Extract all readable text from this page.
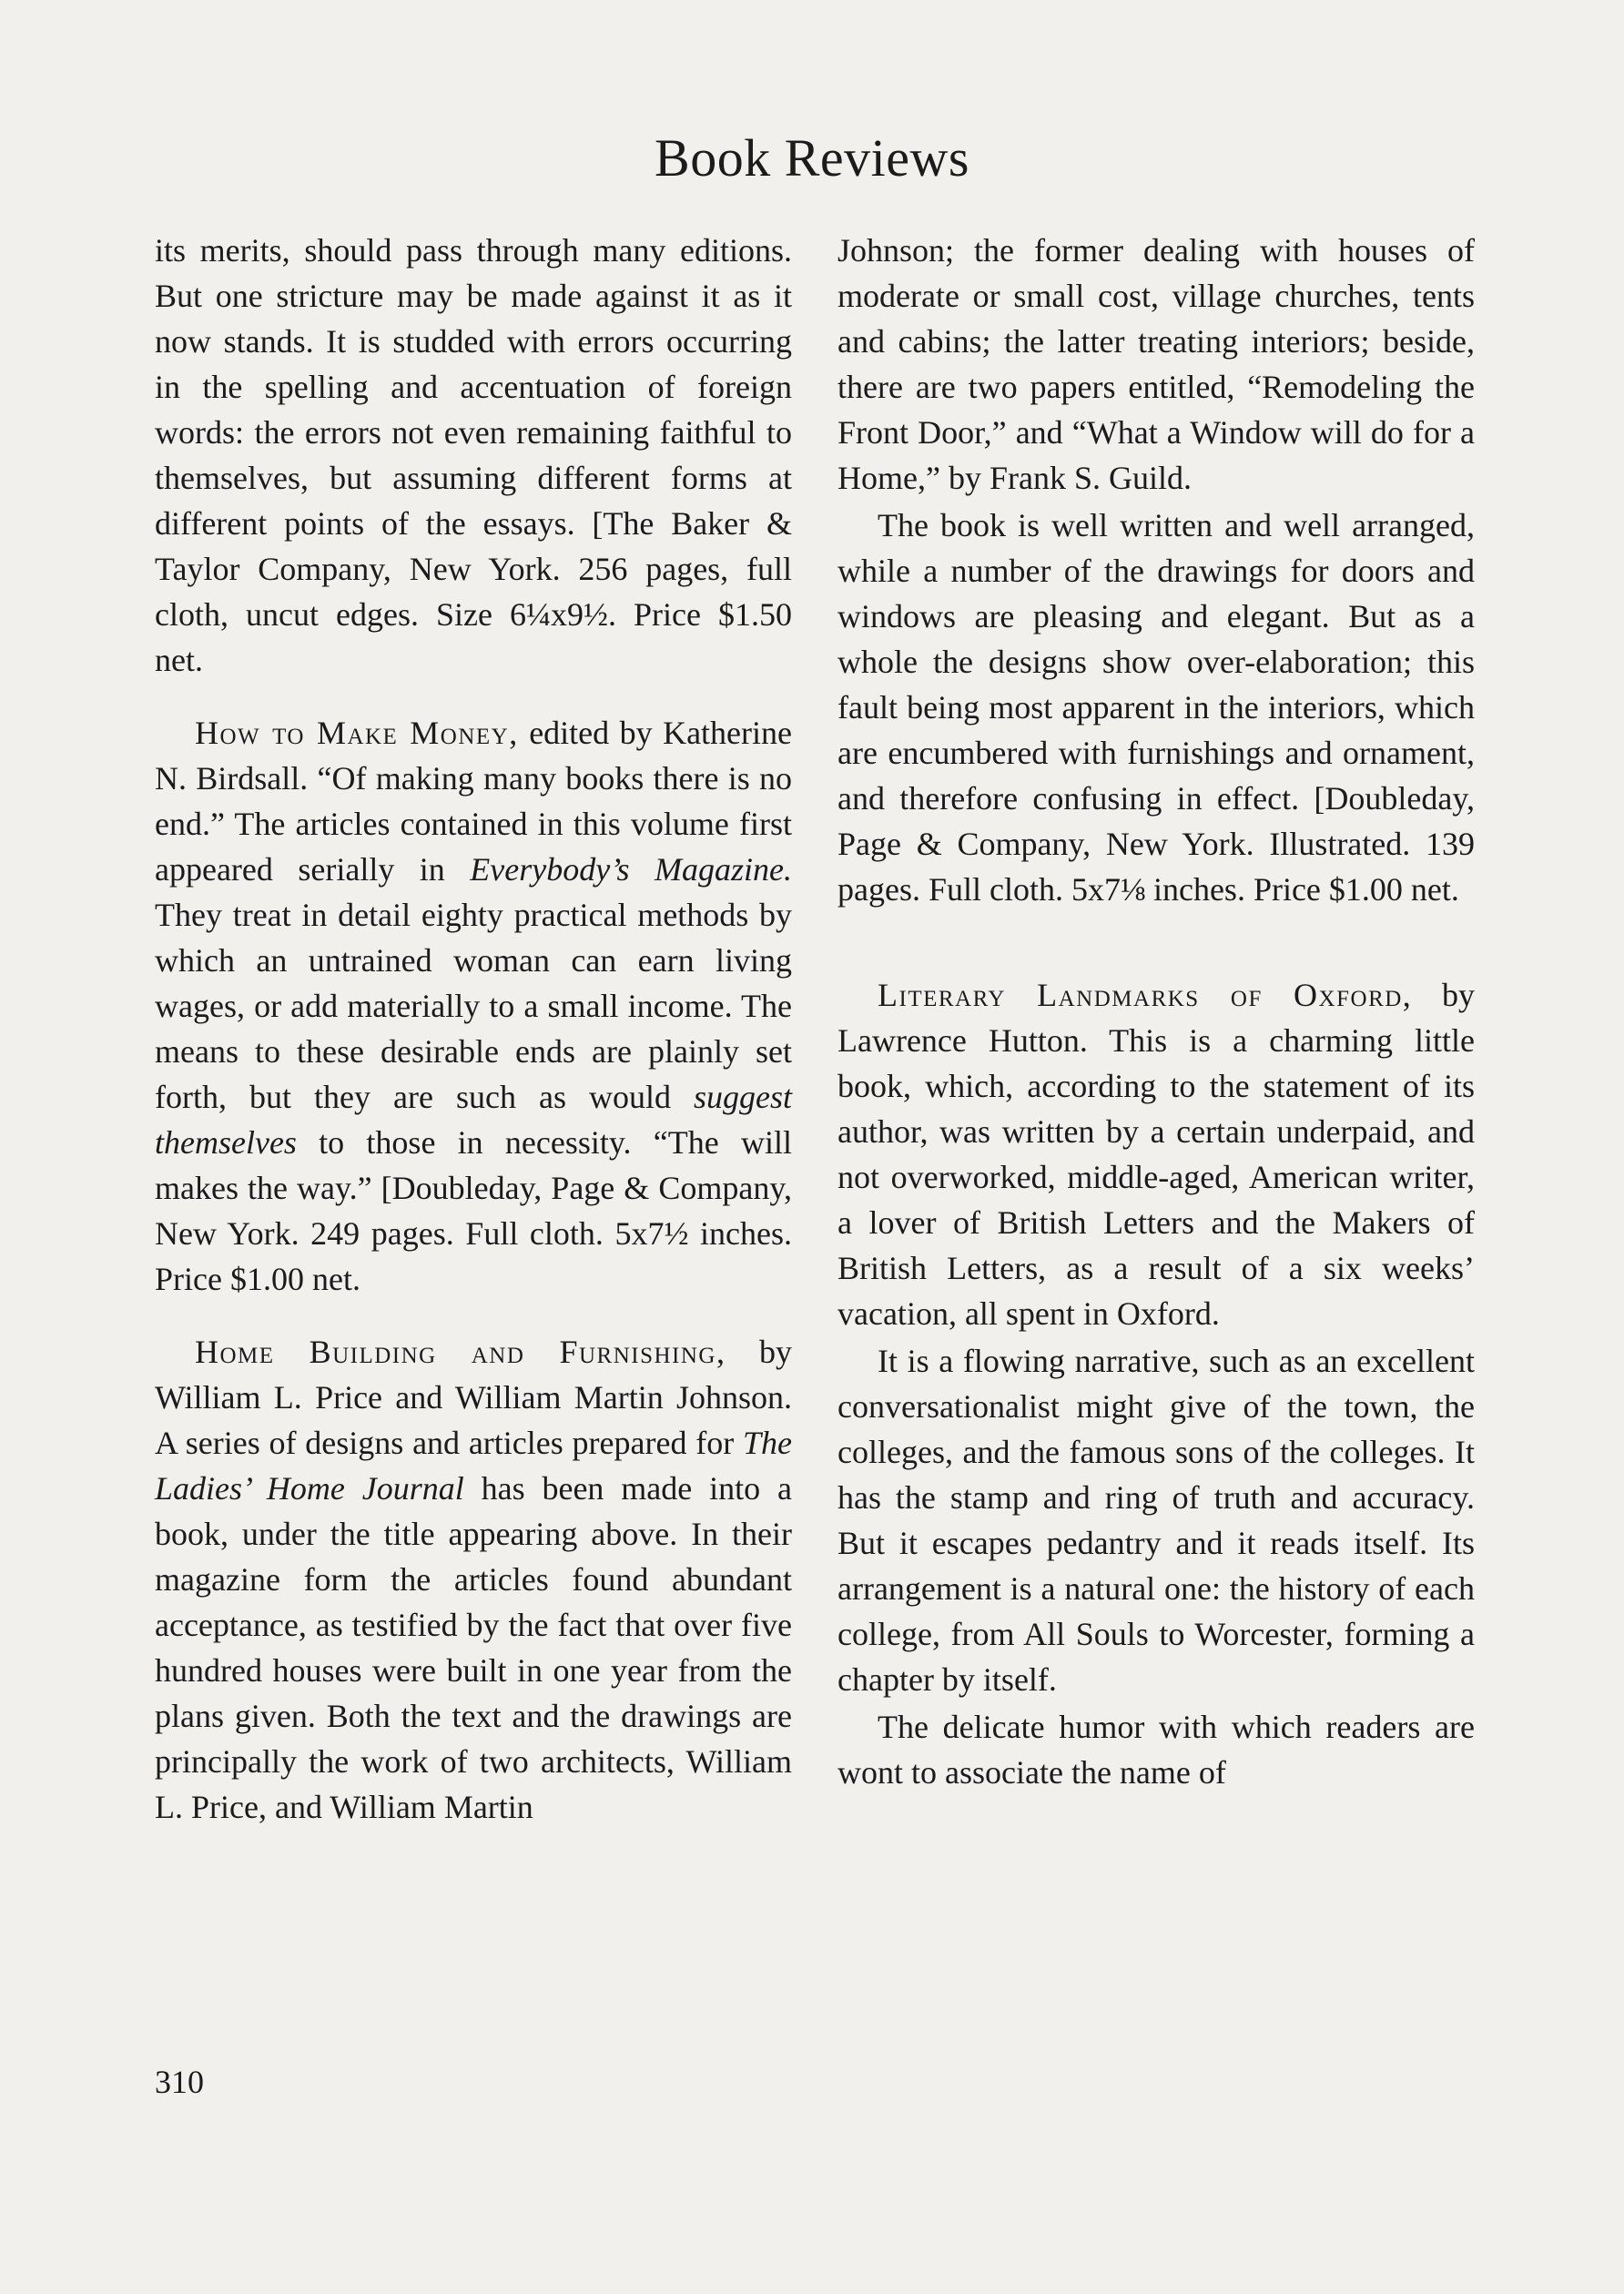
Book Reviews

its merits, should pass through many editions. But one stricture may be made against it as it now stands. It is studded with errors occurring in the spelling and accentuation of foreign words: the errors not even remaining faithful to themselves, but assuming different forms at different points of the essays. [The Baker & Taylor Company, New York. 256 pages, full cloth, uncut edges. Size 6¼x9½. Price $1.50 net.

How to Make Money, edited by Katherine N. Birdsall. “Of making many books there is no end.” The articles contained in this volume first appeared serially in Everybody’s Magazine. They treat in detail eighty practical methods by which an untrained woman can earn living wages, or add materially to a small income. The means to these desirable ends are plainly set forth, but they are such as would suggest themselves to those in necessity. “The will makes the way.” [Doubleday, Page & Company, New York. 249 pages. Full cloth. 5x7½ inches. Price $1.00 net.

Home Building and Furnishing, by William L. Price and William Martin Johnson. A series of designs and articles prepared for The Ladies’ Home Journal has been made into a book, under the title appearing above. In their magazine form the articles found abundant acceptance, as testified by the fact that over five hundred houses were built in one year from the plans given. Both the text and the drawings are principally the work of two architects, William L. Price, and William Martin

Johnson; the former dealing with houses of moderate or small cost, village churches, tents and cabins; the latter treating interiors; beside, there are two papers entitled, “Remodeling the Front Door,” and “What a Window will do for a Home,” by Frank S. Guild.

The book is well written and well arranged, while a number of the drawings for doors and windows are pleasing and elegant. But as a whole the designs show over-elaboration; this fault being most apparent in the interiors, which are encumbered with furnishings and ornament, and therefore confusing in effect. [Doubleday, Page & Company, New York. Illustrated. 139 pages. Full cloth. 5x7⅛ inches. Price $1.00 net.

Literary Landmarks of Oxford, by Lawrence Hutton. This is a charming little book, which, according to the statement of its author, was written by a certain underpaid, and not overworked, middle-aged, American writer, a lover of British Letters and the Makers of British Letters, as a result of a six weeks’ vacation, all spent in Oxford.

It is a flowing narrative, such as an excellent conversationalist might give of the town, the colleges, and the famous sons of the colleges. It has the stamp and ring of truth and accuracy. But it escapes pedantry and it reads itself. Its arrangement is a natural one: the history of each college, from All Souls to Worcester, forming a chapter by itself.

The delicate humor with which readers are wont to associate the name of

310
